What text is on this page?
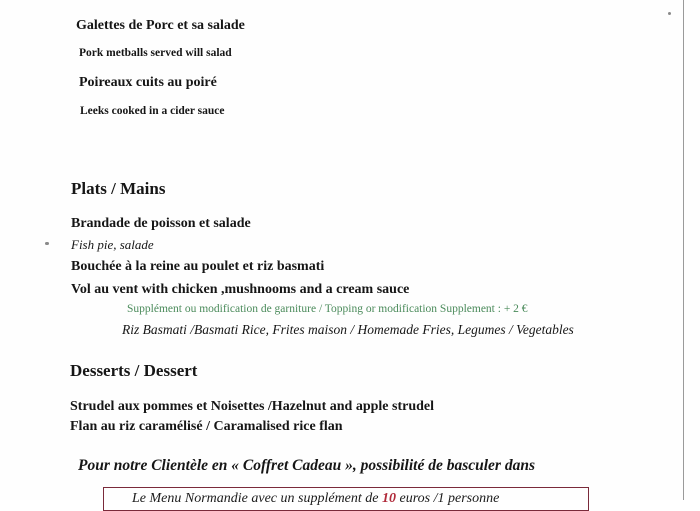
Galettes de Porc et sa salade

Pork metballs served will salad

Poireaux cuits au poiré

Leeks cooked in a cider sauce

Plats / Mains

Brandade de poisson et salade

Fish pie, salade

Bouchée à la reine au poulet et riz basmati

Vol au vent with chicken ,mushnooms and a cream sauce

Supplément ou modification de garniture / Topping or modification Supplement : + 2 €

Riz Basmati /Basmati Rice, Frites maison / Homemade Fries, Legumes / Vegetables

Desserts / Dessert

Strudel aux pommes et Noisettes /Hazelnut and apple strudel

Flan au riz caramélisé / Caramalised rice flan

Pour notre Clientèle en « Coffret Cadeau », possibilité de basculer dans

Le Menu Normandie avec un supplément de 10 euros /1 personne
